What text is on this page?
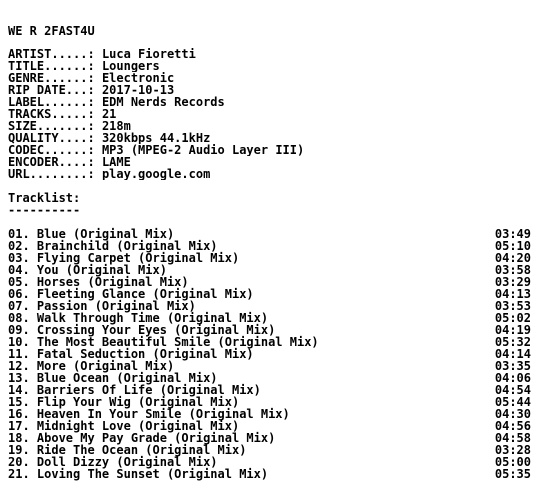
WE R 2FAST4U
ARTIST.....: Luca Fioretti
TITLE......: Loungers
GENRE......: Electronic
RIP DATE...: 2017-10-13
LABEL......: EDM Nerds Records
TRACKS.....: 21
SIZE.......: 218m
QUALITY....: 320kbps 44.1kHz
CODEC......: MP3 (MPEG-2 Audio Layer III)
ENCODER....: LAME
URL........: play.google.com
Tracklist:
----------
01. Blue (Original Mix)	03:49
02. Brainchild (Original Mix)	05:10
03. Flying Carpet (Original Mix)	04:20
04. You (Original Mix)	03:58
05. Horses (Original Mix)	03:29
06. Fleeting Glance (Original Mix)	04:13
07. Passion (Original Mix)	03:53
08. Walk Through Time (Original Mix)	05:02
09. Crossing Your Eyes (Original Mix)	04:19
10. The Most Beautiful Smile (Original Mix)	05:32
11. Fatal Seduction (Original Mix)	04:14
12. More (Original Mix)	03:35
13. Blue Ocean (Original Mix)	04:06
14. Barriers Of Life (Original Mix)	04:54
15. Flip Your Wig (Original Mix)	05:44
16. Heaven In Your Smile (Original Mix)	04:30
17. Midnight Love (Original Mix)	04:56
18. Above My Pay Grade (Original Mix)	04:58
19. Ride The Ocean (Original Mix)	03:28
20. Doll Dizzy (Original Mix)	05:00
21. Loving The Sunset (Original Mix)	05:35
